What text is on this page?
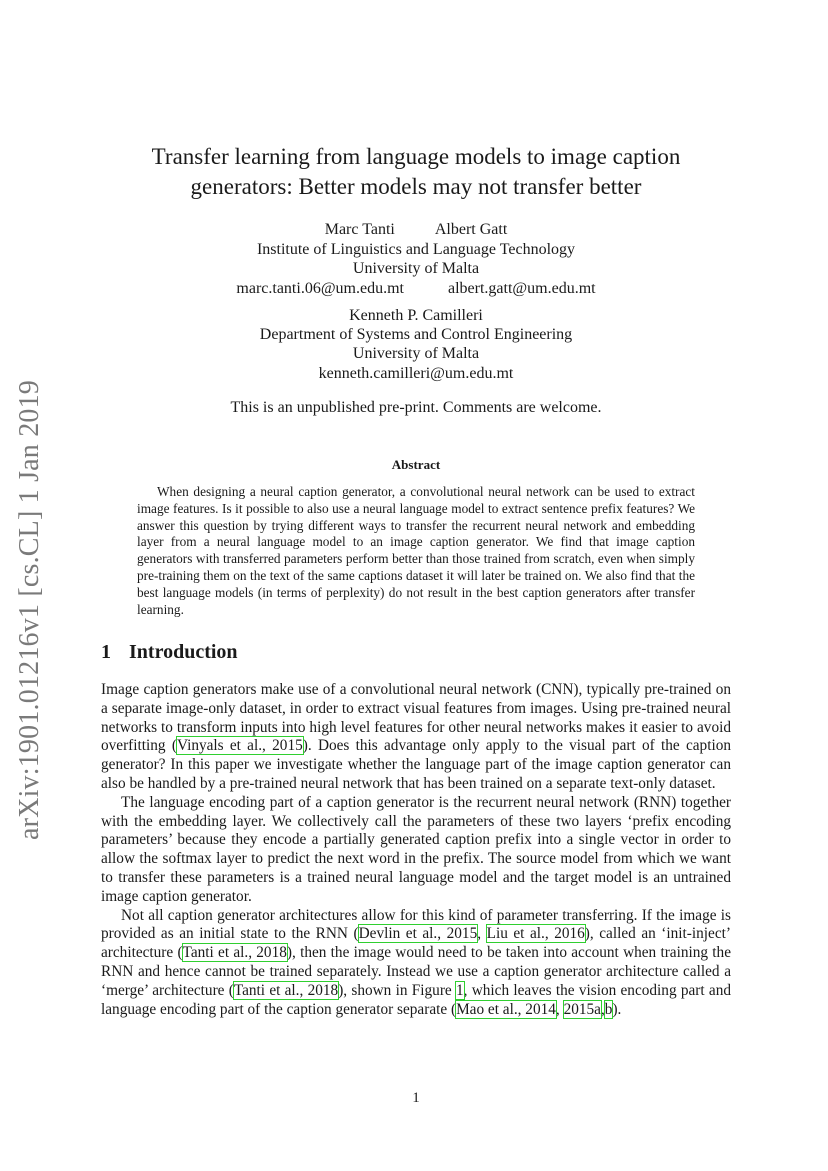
arXiv:1901.01216v1 [cs.CL] 1 Jan 2019
Transfer learning from language models to image caption
generators: Better models may not transfer better
Marc Tanti	Albert Gatt
Institute of Linguistics and Language Technology
University of Malta
marc.tanti.06@um.edu.mt	albert.gatt@um.edu.mt
Kenneth P. Camilleri
Department of Systems and Control Engineering
University of Malta
kenneth.camilleri@um.edu.mt
This is an unpublished pre-print. Comments are welcome.
Abstract
When designing a neural caption generator, a convolutional neural network can be used to extract image features. Is it possible to also use a neural language model to extract sentence prefix features? We answer this question by trying different ways to transfer the recurrent neural network and embedding layer from a neural language model to an image caption generator. We find that image caption generators with transferred parameters perform better than those trained from scratch, even when simply pre-training them on the text of the same captions dataset it will later be trained on. We also find that the best language models (in terms of perplexity) do not result in the best caption generators after transfer learning.
1 Introduction

Image caption generators make use of a convolutional neural network (CNN), typically pre-trained on a separate image-only dataset, in order to extract visual features from images. Using pre-trained neural networks to transform inputs into high level features for other neural networks makes it easier to avoid overfitting (Vinyals et al., 2015). Does this advantage only apply to the visual part of the caption generator? In this paper we investigate whether the language part of the image caption generator can also be handled by a pre-trained neural network that has been trained on a separate text-only dataset.

The language encoding part of a caption generator is the recurrent neural network (RNN) together with the embedding layer. We collectively call the parameters of these two layers ‘prefix encoding parameters’ because they encode a partially generated caption prefix into a single vector in order to allow the softmax layer to predict the next word in the prefix. The source model from which we want to transfer these parameters is a trained neural language model and the target model is an untrained image caption generator.

Not all caption generator architectures allow for this kind of parameter transferring. If the image is provided as an initial state to the RNN (Devlin et al., 2015, Liu et al., 2016), called an ‘init-inject’ architecture (Tanti et al., 2018), then the image would need to be taken into account when training the RNN and hence cannot be trained separately. Instead we use a caption generator architecture called a ‘merge’ architecture (Tanti et al., 2018), shown in Figure 1, which leaves the vision encoding part and language encoding part of the caption generator separate (Mao et al., 2014, 2015a,b).

1
